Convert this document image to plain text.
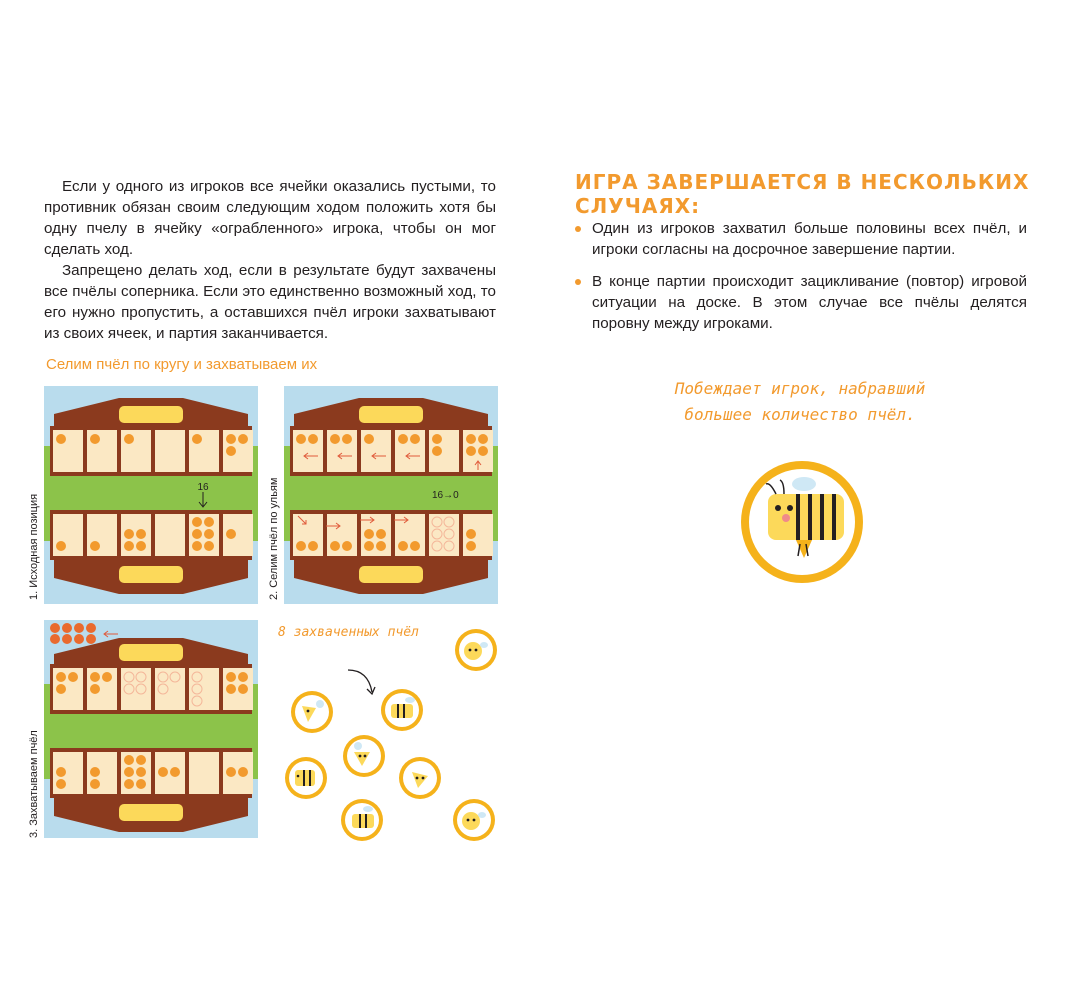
Если у одного из игроков все ячейки оказались пустыми, то противник обязан своим следующим ходом положить хотя бы одну пчелу в ячейку «ограбленного» игрока, чтобы он мог сделать ход.

Запрещено делать ход, если в результате будут захвачены все пчёлы соперника. Если это единственно возможный ход, то его нужно пропустить, а оставшихся пчёл игроки захватывают из своих ячеек, и партия заканчивается.

Селим пчёл по кругу и захватываем их

16
1. Исходная позиция	16→0
2. Селим пчёл по ульям
3. Захватываем пчёл

8 захваченных пчёл

ИГРА ЗАВЕРШАЕТСЯ В НЕСКОЛЬКИХ СЛУЧАЯХ:

Один из игроков захватил больше половины всех пчёл, и игроки согласны на досрочное завершение партии.
В конце партии происходит зацикливание (повтор) игровой ситуации на доске. В этом случае все пчёлы делятся поровну между игроками.

Побеждает игрок, набравший большее количество пчёл.
